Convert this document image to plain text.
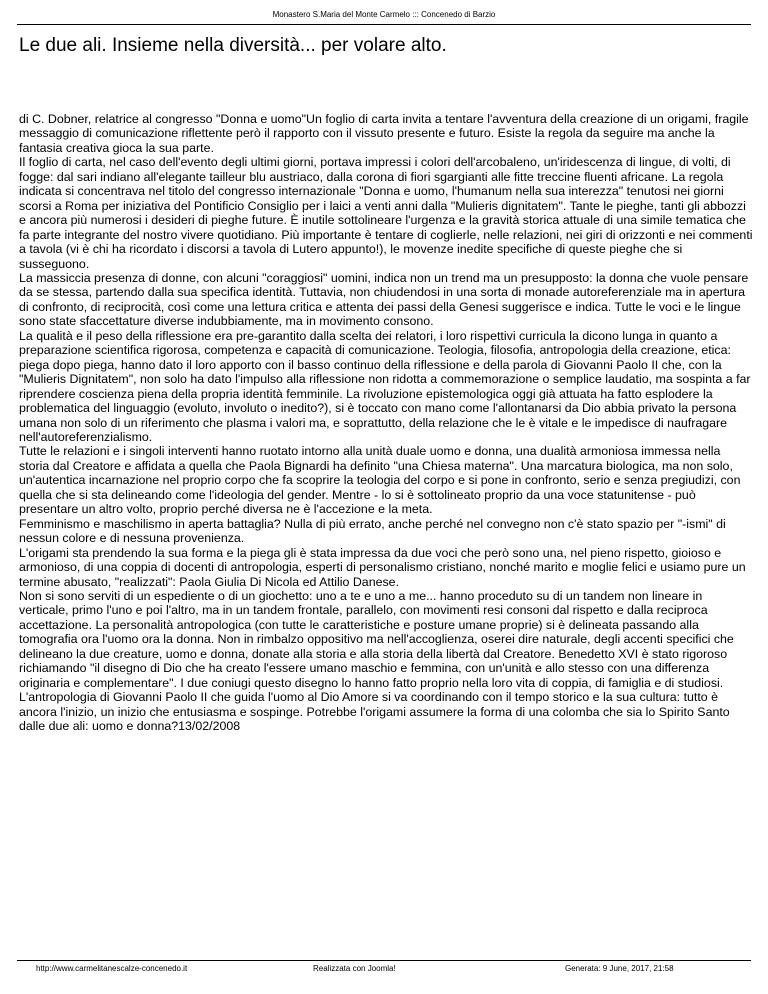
Monastero S.Maria del Monte Carmelo ::: Concenedo di Barzio
Le due ali. Insieme nella diversità... per volare alto.

di C. Dobner, relatrice al congresso "Donna e uomo"Un foglio di carta invita a tentare l'avventura della creazione di un origami, fragile messaggio di comunicazione riflettente però il rapporto con il vissuto presente e futuro. Esiste la regola da seguire ma anche la fantasia creativa gioca la sua parte.

Il foglio di carta, nel caso dell'evento degli ultimi giorni, portava impressi i colori dell'arcobaleno, un'iridescenza di lingue, di volti, di fogge: dal sari indiano all'elegante tailleur blu austriaco, dalla corona di fiori sgargianti alle fitte treccine fluenti africane. La regola indicata si concentrava nel titolo del congresso internazionale "Donna e uomo, l'humanum nella sua interezza" tenutosi nei giorni scorsi a Roma per iniziativa del Pontificio Consiglio per i laici a venti anni dalla "Mulieris dignitatem". Tante le pieghe, tanti gli abbozzi e ancora più numerosi i desideri di pieghe future. È inutile sottolineare l'urgenza e la gravità storica attuale di una simile tematica che fa parte integrante del nostro vivere quotidiano. Più importante è tentare di coglierle, nelle relazioni, nei giri di orizzonti e nei commenti a tavola (vi è chi ha ricordato i discorsi a tavola di Lutero appunto!), le movenze inedite specifiche di queste pieghe che si susseguono.

La massiccia presenza di donne, con alcuni "coraggiosi" uomini, indica non un trend ma un presupposto: la donna che vuole pensare da se stessa, partendo dalla sua specifica identità. Tuttavia, non chiudendosi in una sorta di monade autoreferenziale ma in apertura di confronto, di reciprocità, così come una lettura critica e attenta dei passi della Genesi suggerisce e indica. Tutte le voci e le lingue sono state sfaccettature diverse indubbiamente, ma in movimento consono.

La qualità e il peso della riflessione era pre-garantito dalla scelta dei relatori, i loro rispettivi curricula la dicono lunga in quanto a preparazione scientifica rigorosa, competenza e capacità di comunicazione. Teologia, filosofia, antropologia della creazione, etica: piega dopo piega, hanno dato il loro apporto con il basso continuo della riflessione e della parola di Giovanni Paolo II che, con la "Mulieris Dignitatem", non solo ha dato l'impulso alla riflessione non ridotta a commemorazione o semplice laudatio, ma sospinta a far riprendere coscienza piena della propria identità femminile. La rivoluzione epistemologica oggi già attuata ha fatto esplodere la problematica del linguaggio (evoluto, involuto o inedito?), si è toccato con mano come l'allontanarsi da Dio abbia privato la persona umana non solo di un riferimento che plasma i valori ma, e soprattutto, della relazione che le è vitale e le impedisce di naufragare nell'autoreferenzialismo.

Tutte le relazioni e i singoli interventi hanno ruotato intorno alla unità duale uomo e donna, una dualità armoniosa immessa nella storia dal Creatore e affidata a quella che Paola Bignardi ha definito "una Chiesa materna". Una marcatura biologica, ma non solo, un'autentica incarnazione nel proprio corpo che fa scoprire la teologia del corpo e si pone in confronto, serio e senza pregiudizi, con quella che si sta delineando come l'ideologia del gender. Mentre - lo si è sottolineato proprio da una voce statunitense - può presentare un altro volto, proprio perché diversa ne è l'accezione e la meta.

Femminismo e maschilismo in aperta battaglia? Nulla di più errato, anche perché nel convegno non c'è stato spazio per "-ismi" di nessun colore e di nessuna provenienza.

L'origami sta prendendo la sua forma e la piega gli è stata impressa da due voci che però sono una, nel pieno rispetto, gioioso e armonioso, di una coppia di docenti di antropologia, esperti di personalismo cristiano, nonché marito e moglie felici e usiamo pure un termine abusato, "realizzati": Paola Giulia Di Nicola ed Attilio Danese.

Non si sono serviti di un espediente o di un giochetto: uno a te e uno a me... hanno proceduto su di un tandem non lineare in verticale, primo l'uno e poi l'altro, ma in un tandem frontale, parallelo, con movimenti resi consoni dal rispetto e dalla reciproca accettazione. La personalità antropologica (con tutte le caratteristiche e posture umane proprie) si è delineata passando alla tomografia ora l'uomo ora la donna. Non in rimbalzo oppositivo ma nell'accoglienza, oserei dire naturale, degli accenti specifici che delineano la due creature, uomo e donna, donate alla storia e alla storia della libertà dal Creatore. Benedetto XVI è stato rigoroso richiamando "il disegno di Dio che ha creato l'essere umano maschio e femmina, con un'unità e allo stesso con una differenza originaria e complementare". I due coniugi questo disegno lo hanno fatto proprio nella loro vita di coppia, di famiglia e di studiosi.

L'antropologia di Giovanni Paolo II che guida l'uomo al Dio Amore si va coordinando con il tempo storico e la sua cultura: tutto è ancora l'inizio, un inizio che entusiasma e sospinge. Potrebbe l'origami assumere la forma di una colomba che sia lo Spirito Santo dalle due ali: uomo e donna?13/02/2008

http://www.carmelitanescalze-concenedo.it	Realizzata con Joomla!	Generata: 9 June, 2017, 21:58
